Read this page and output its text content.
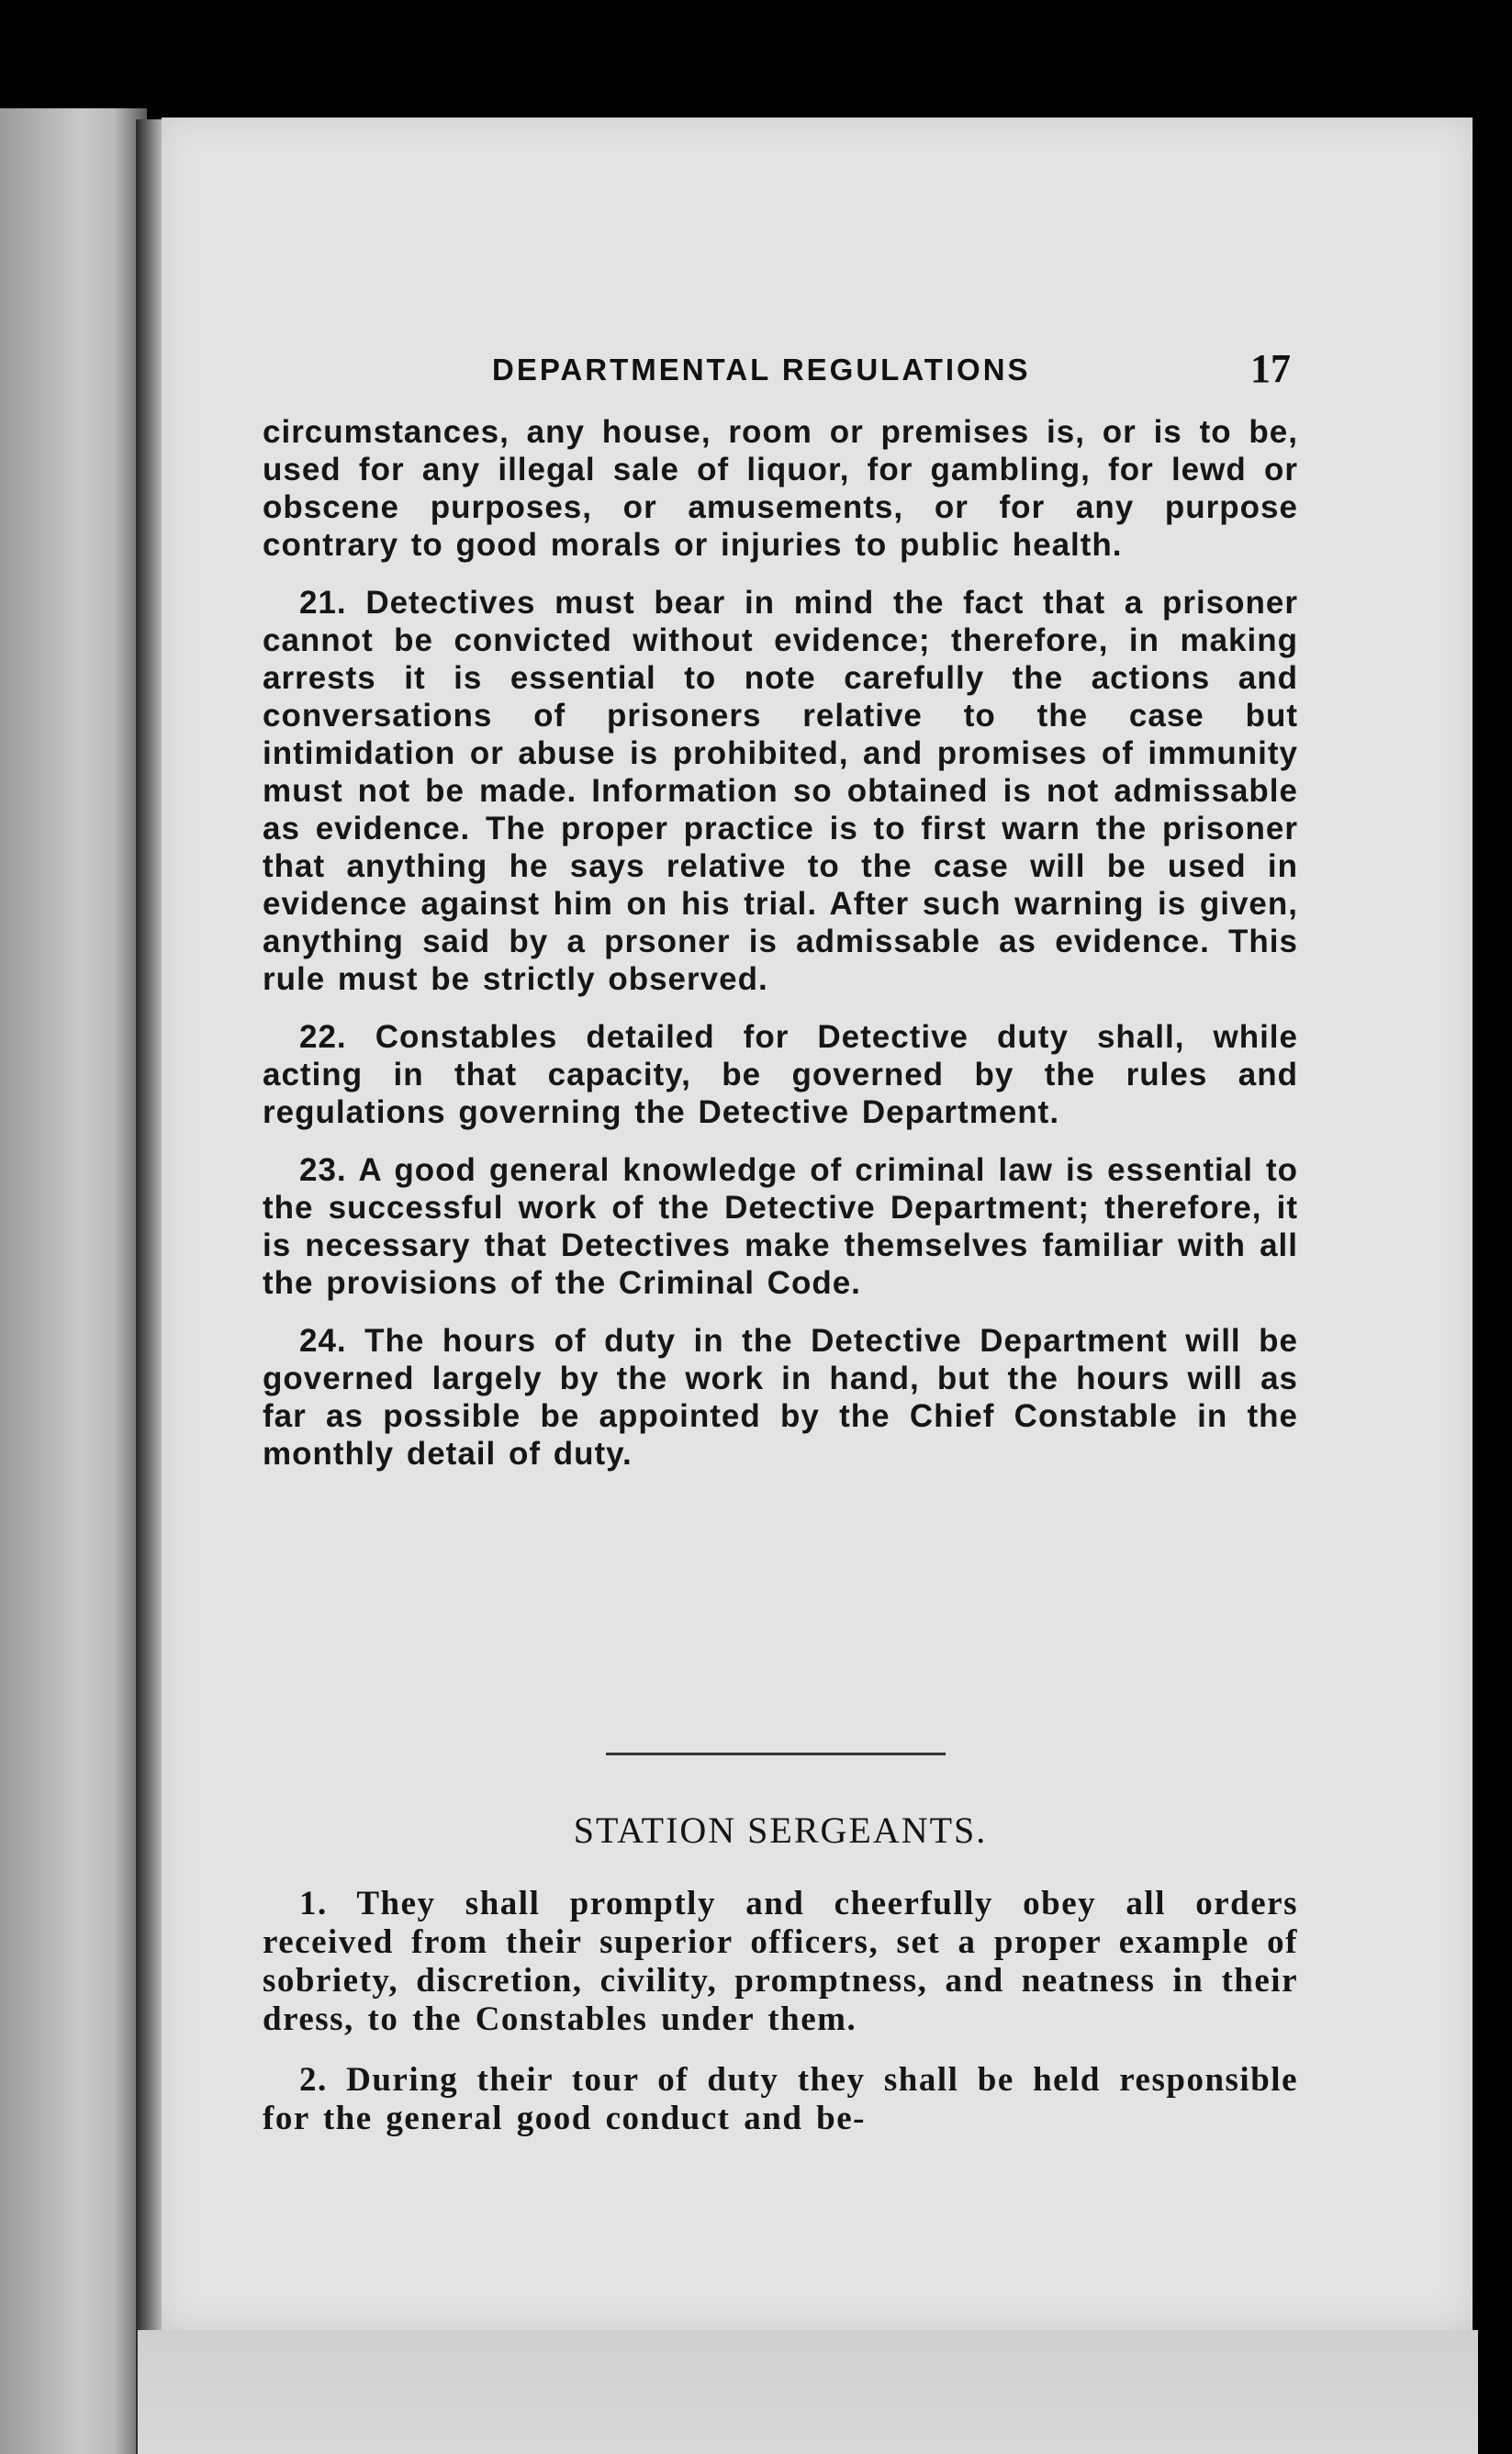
DEPARTMENTAL REGULATIONS	17

circumstances, any house, room or premises is, or is to be, used for any illegal sale of liquor, for gambling, for lewd or obscene purposes, or amusements, or for any purpose contrary to good morals or injuries to public health.

21. Detectives must bear in mind the fact that a prisoner cannot be convicted without evidence; therefore, in making arrests it is essential to note carefully the actions and conversations of prisoners relative to the case but intimidation or abuse is prohibited, and promises of immunity must not be made. Information so obtained is not admissable as evidence. The proper practice is to first warn the prisoner that anything he says relative to the case will be used in evidence against him on his trial. After such warning is given, anything said by a prsoner is admissable as evidence. This rule must be strictly observed.

22. Constables detailed for Detective duty shall, while acting in that capacity, be governed by the rules and regulations governing the Detective Department.

23. A good general knowledge of criminal law is essential to the successful work of the Detective Department; therefore, it is necessary that Detectives make themselves familiar with all the provisions of the Criminal Code.

24. The hours of duty in the Detective Department will be governed largely by the work in hand, but the hours will as far as possible be appointed by the Chief Constable in the monthly detail of duty.

STATION SERGEANTS.

1. They shall promptly and cheerfully obey all orders received from their superior officers, set a proper example of sobriety, discretion, civility, promptness, and neatness in their dress, to the Constables under them.

2. During their tour of duty they shall be held responsible for the general good conduct and be-
